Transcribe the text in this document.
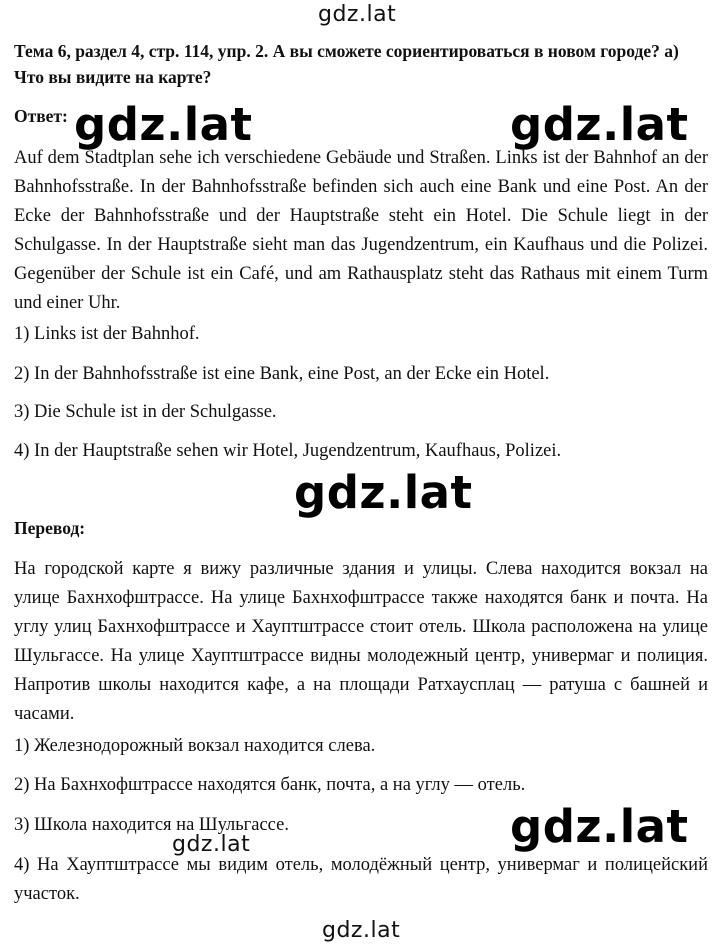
gdz.lat
gdz.lat	gdz.lat
gdz.lat
gdz.lat
gdz.lat
gdz.lat
Тема 6, раздел 4, стр. 114, упр. 2. А вы сможете сориентироваться в новом городе? а) Что вы видите на карте?
Ответ:
Auf dem Stadtplan sehe ich verschiedene Gebäude und Straßen. Links ist der Bahnhof an der Bahnhofsstraße. In der Bahnhofsstraße befinden sich auch eine Bank und eine Post. An der Ecke der Bahnhofsstraße und der Hauptstraße steht ein Hotel. Die Schule liegt in der Schulgasse. In der Hauptstraße sieht man das Jugendzentrum, ein Kaufhaus und die Polizei. Gegenüber der Schule ist ein Café, und am Rathausplatz steht das Rathaus mit einem Turm und einer Uhr.
1) Links ist der Bahnhof.
2) In der Bahnhofsstraße ist eine Bank, eine Post, an der Ecke ein Hotel.
3) Die Schule ist in der Schulgasse.
4) In der Hauptstraße sehen wir Hotel, Jugendzentrum, Kaufhaus, Polizei.
Перевод:
На городской карте я вижу различные здания и улицы. Слева находится вокзал на улице Бахнхофштрассе. На улице Бахнхофштрассе также находятся банк и почта. На углу улиц Бахнхофштрассе и Хауптштрассе стоит отель. Школа расположена на улице Шульгассе. На улице Хауптштрассе видны молодежный центр, универмаг и полиция. Напротив школы находится кафе, а на площади Ратхаусплац — ратуша с башней и часами.
1) Железнодорожный вокзал находится слева.
2) На Бахнхофштрассе находятся банк, почта, а на углу — отель.
3) Школа находится на Шульгассе.
4) На Хауптштрассе мы видим отель, молодёжный центр, универмаг и полицейский участок.
